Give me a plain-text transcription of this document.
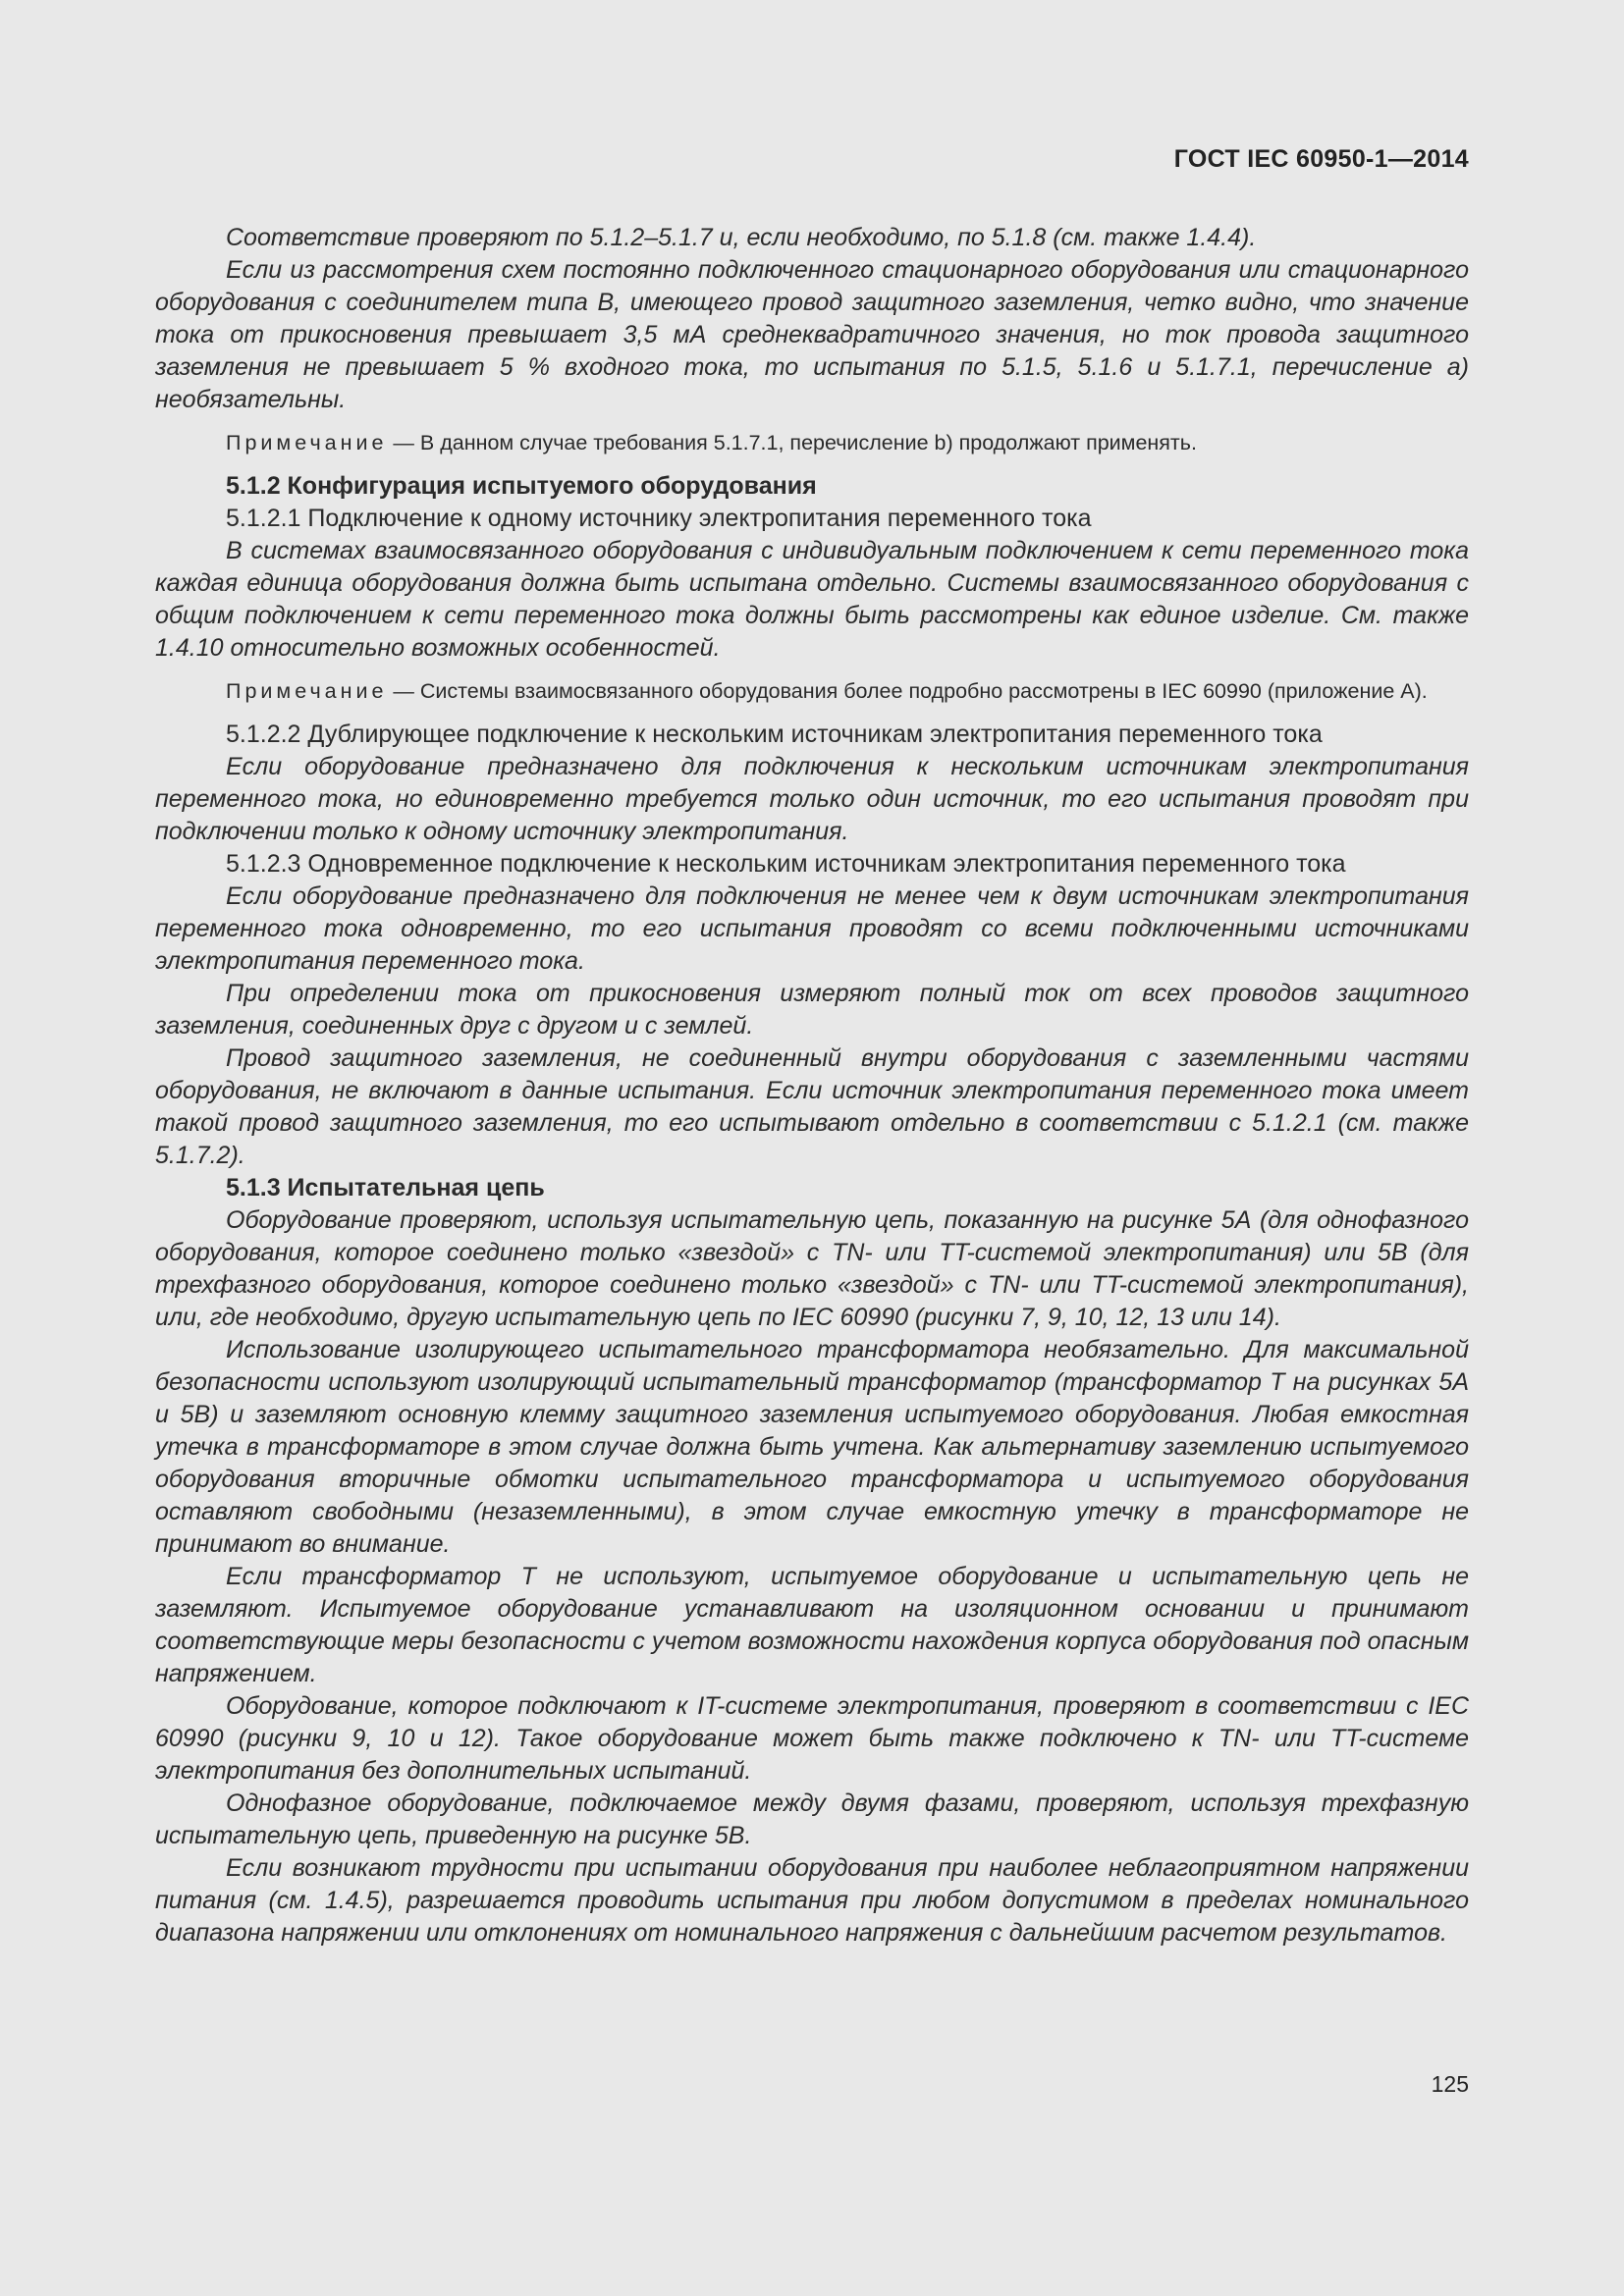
ГОСТ IEC 60950-1—2014

Соответствие проверяют по 5.1.2–5.1.7 и, если необходимо, по 5.1.8 (см. также 1.4.4).

Если из рассмотрения схем постоянно подключенного стационарного оборудования или стационарного оборудования с соединителем типа В, имеющего провод защитного заземления, четко видно, что значение тока от прикосновения превышает 3,5 мА среднеквадратичного значения, но ток провода защитного заземления не превышает 5 % входного тока, то испытания по 5.1.5, 5.1.6 и 5.1.7.1, перечисление а) необязательны.

Примечание — В данном случае требования 5.1.7.1, перечисление b) продолжают применять.

5.1.2 Конфигурация испытуемого оборудования

5.1.2.1 Подключение к одному источнику электропитания переменного тока

В системах взаимосвязанного оборудования с индивидуальным подключением к сети переменного тока каждая единица оборудования должна быть испытана отдельно. Системы взаимосвязанного оборудования с общим подключением к сети переменного тока должны быть рассмотрены как единое изделие. См. также 1.4.10 относительно возможных особенностей.

Примечание — Системы взаимосвязанного оборудования более подробно рассмотрены в IEC 60990 (приложение А).

5.1.2.2 Дублирующее подключение к нескольким источникам электропитания переменного тока

Если оборудование предназначено для подключения к нескольким источникам электропитания переменного тока, но единовременно требуется только один источник, то его испытания проводят при подключении только к одному источнику электропитания.

5.1.2.3 Одновременное подключение к нескольким источникам электропитания переменного тока

Если оборудование предназначено для подключения не менее чем к двум источникам электропитания переменного тока одновременно, то его испытания проводят со всеми подключенными источниками электропитания переменного тока.

При определении тока от прикосновения измеряют полный ток от всех проводов защитного заземления, соединенных друг с другом и с землей.

Провод защитного заземления, не соединенный внутри оборудования с заземленными частями оборудования, не включают в данные испытания. Если источник электропитания переменного тока имеет такой провод защитного заземления, то его испытывают отдельно в соответствии с 5.1.2.1 (см. также 5.1.7.2).

5.1.3 Испытательная цепь

Оборудование проверяют, используя испытательную цепь, показанную на рисунке 5А (для однофазного оборудования, которое соединено только «звездой» с TN- или TT-системой электропитания) или 5В (для трехфазного оборудования, которое соединено только «звездой» с TN- или TT-системой электропитания), или, где необходимо, другую испытательную цепь по IEC 60990 (рисунки 7, 9, 10, 12, 13 или 14).

Использование изолирующего испытательного трансформатора необязательно. Для максимальной безопасности используют изолирующий испытательный трансформатор (трансформатор Т на рисунках 5А и 5В) и заземляют основную клемму защитного заземления испытуемого оборудования. Любая емкостная утечка в трансформаторе в этом случае должна быть учтена. Как альтернативу заземлению испытуемого оборудования вторичные обмотки испытательного трансформатора и испытуемого оборудования оставляют свободными (незаземленными), в этом случае емкостную утечку в трансформаторе не принимают во внимание.

Если трансформатор Т не используют, испытуемое оборудование и испытательную цепь не заземляют. Испытуемое оборудование устанавливают на изоляционном основании и принимают соответствующие меры безопасности с учетом возможности нахождения корпуса оборудования под опасным напряжением.

Оборудование, которое подключают к IT-системе электропитания, проверяют в соответствии с IEC 60990 (рисунки 9, 10 и 12). Такое оборудование может быть также подключено к TN- или TT-системе электропитания без дополнительных испытаний.

Однофазное оборудование, подключаемое между двумя фазами, проверяют, используя трехфазную испытательную цепь, приведенную на рисунке 5В.

Если возникают трудности при испытании оборудования при наиболее неблагоприятном напряжении питания (см. 1.4.5), разрешается проводить испытания при любом допустимом в пределах номинального диапазона напряжении или отклонениях от номинального напряжения с дальнейшим расчетом результатов.

125
